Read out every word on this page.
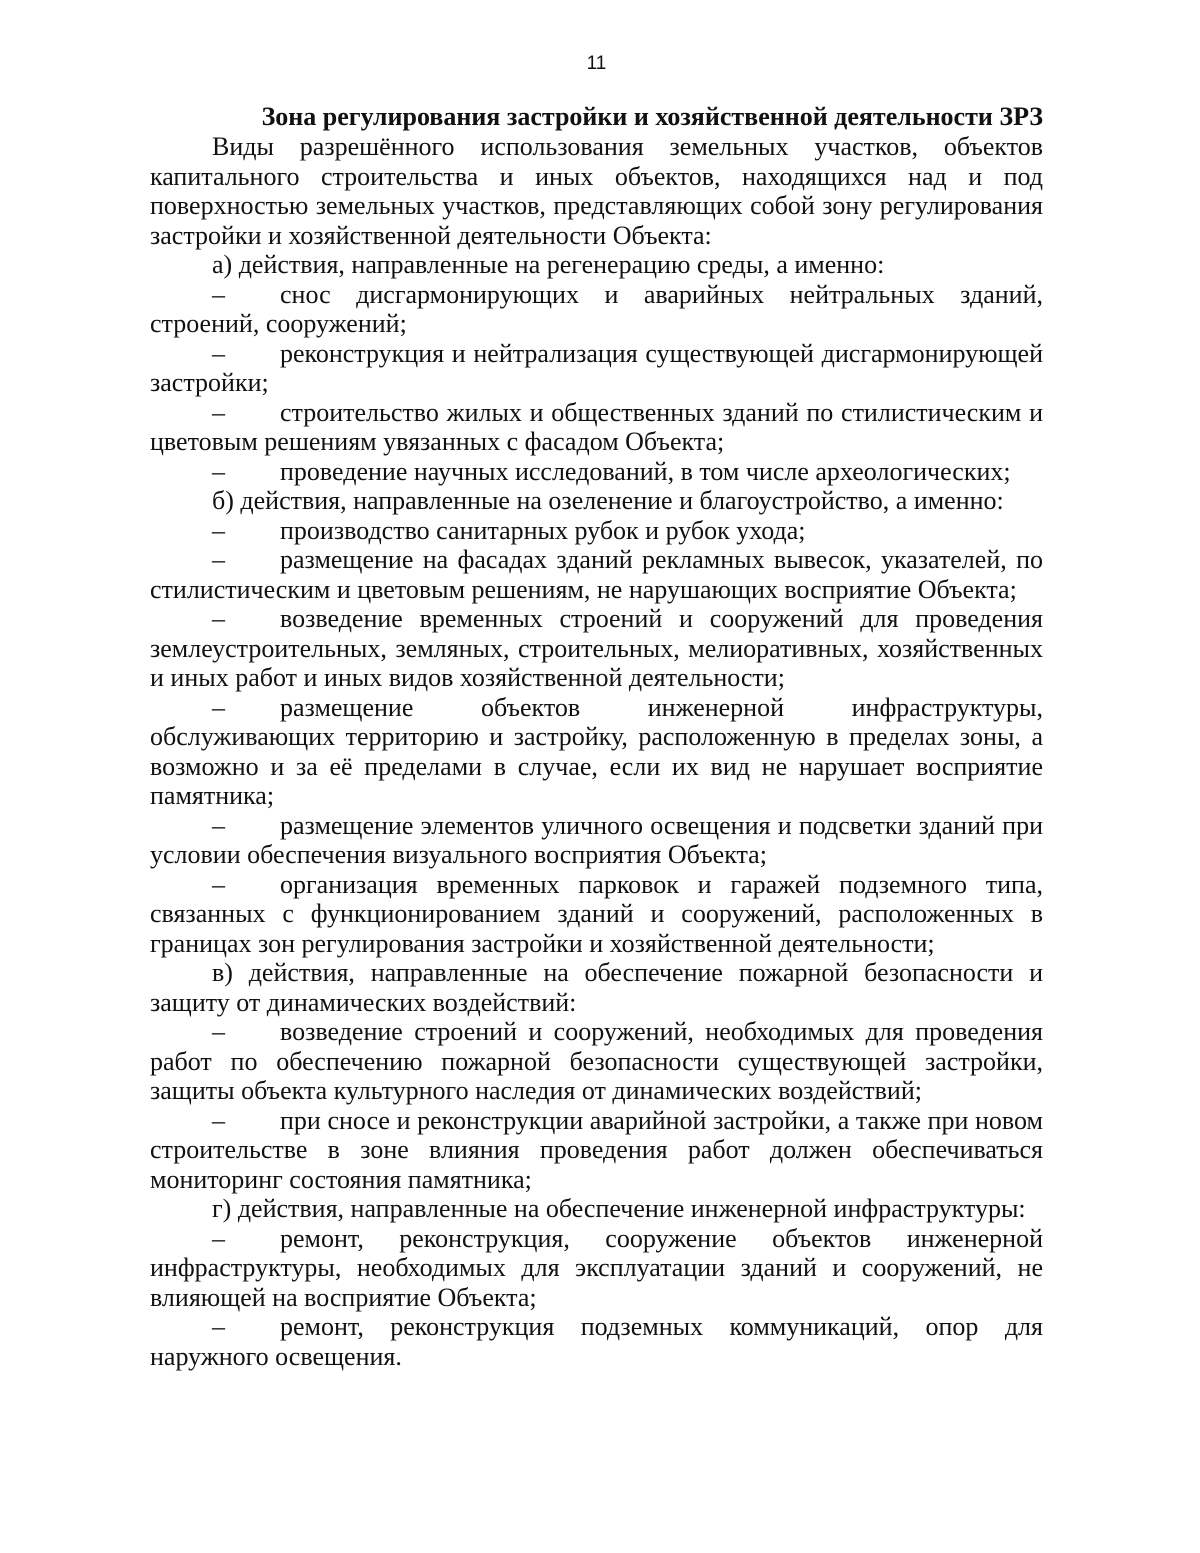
11

Зона регулирования застройки и хозяйственной деятельности ЗРЗ

Виды разрешённого использования земельных участков, объектов капитального строительства и иных объектов, находящихся над и под поверхностью земельных участков, представляющих собой зону регулирования застройки и хозяйственной деятельности Объекта:

а) действия, направленные на регенерацию среды, а именно:

– снос дисгармонирующих и аварийных нейтральных зданий, строений, сооружений;

– реконструкция и нейтрализация существующей дисгармонирующей застройки;

– строительство жилых и общественных зданий по стилистическим и цветовым решениям увязанных с фасадом Объекта;

– проведение научных исследований, в том числе археологических;

б) действия, направленные на озеленение и благоустройство, а именно:

– производство санитарных рубок и рубок ухода;

– размещение на фасадах зданий рекламных вывесок, указателей, по стилистическим и цветовым решениям, не нарушающих восприятие Объекта;

– возведение временных строений и сооружений для проведения землеустроительных, земляных, строительных, мелиоративных, хозяйственных и иных работ и иных видов хозяйственной деятельности;

– размещение объектов инженерной инфраструктуры, обслуживающих территорию и застройку, расположенную в пределах зоны, а возможно и за её пределами в случае, если их вид не нарушает восприятие памятника;

– размещение элементов уличного освещения и подсветки зданий при условии обеспечения визуального восприятия Объекта;

– организация временных парковок и гаражей подземного типа, связанных с функционированием зданий и сооружений, расположенных в границах зон регулирования застройки и хозяйственной деятельности;

в) действия, направленные на обеспечение пожарной безопасности и защиту от динамических воздействий:

– возведение строений и сооружений, необходимых для проведения работ по обеспечению пожарной безопасности существующей застройки, защиты объекта культурного наследия от динамических воздействий;

– при сносе и реконструкции аварийной застройки, а также при новом строительстве в зоне влияния проведения работ должен обеспечиваться мониторинг состояния памятника;

г) действия, направленные на обеспечение инженерной инфраструктуры:

– ремонт, реконструкция, сооружение объектов инженерной инфраструктуры, необходимых для эксплуатации зданий и сооружений, не влияющей на восприятие Объекта;

– ремонт, реконструкция подземных коммуникаций, опор для наружного освещения.
